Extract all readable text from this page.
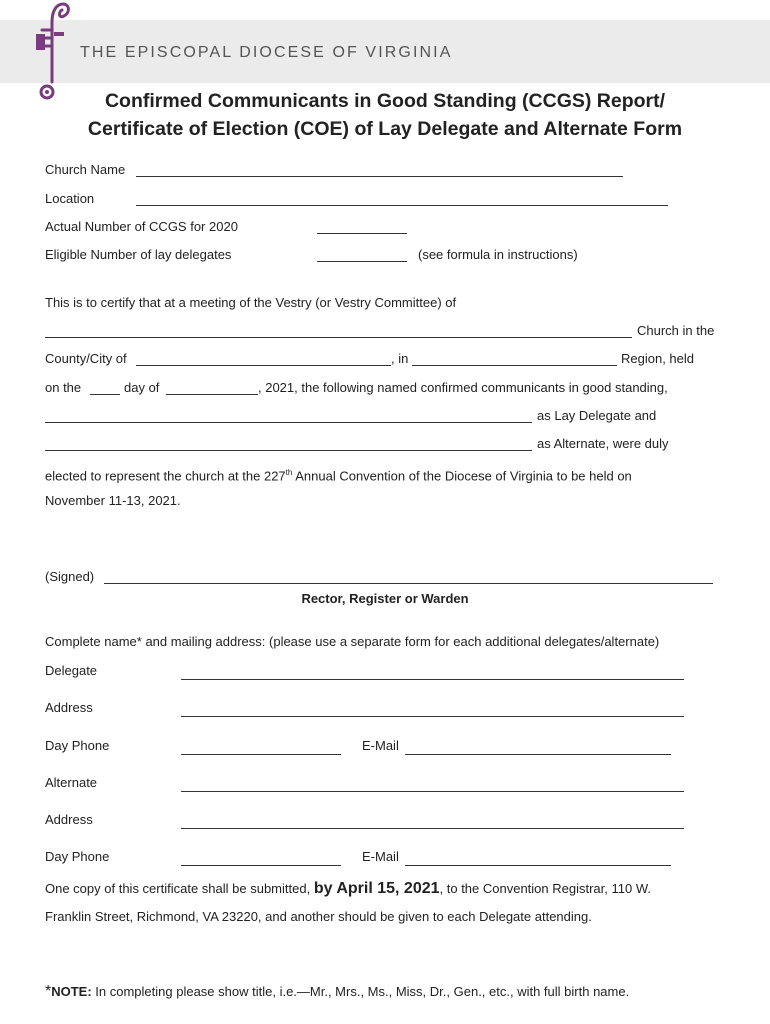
THE EPISCOPAL DIOCESE OF VIRGINIA
Confirmed Communicants in Good Standing (CCGS) Report/
Certificate of Election (COE) of Lay Delegate and Alternate Form
Church Name
Location
Actual Number of CCGS for 2020
Eligible Number of lay delegates	(see formula in instructions)
This is to certify that at a meeting of the Vestry (or Vestry Committee) of
Church in the
County/City of	, in	Region, held
on the	day of	, 2021, the following named confirmed communicants in good standing,
as Lay Delegate and
as Alternate, were duly
elected to represent the church at the 227th Annual Convention of the Diocese of Virginia to be held on
November 11-13, 2021.
(Signed)
Rector, Register or Warden
Complete name* and mailing address: (please use a separate form for each additional delegates/alternate)
Delegate
Address
Day Phone	E-Mail
Alternate
Address
Day Phone	E-Mail
One copy of this certificate shall be submitted, by April 15, 2021, to the Convention Registrar, 110 W.
Franklin Street, Richmond, VA 23220, and another should be given to each Delegate attending.
*NOTE: In completing please show title, i.e.—Mr., Mrs., Ms., Miss, Dr., Gen., etc., with full birth name.
